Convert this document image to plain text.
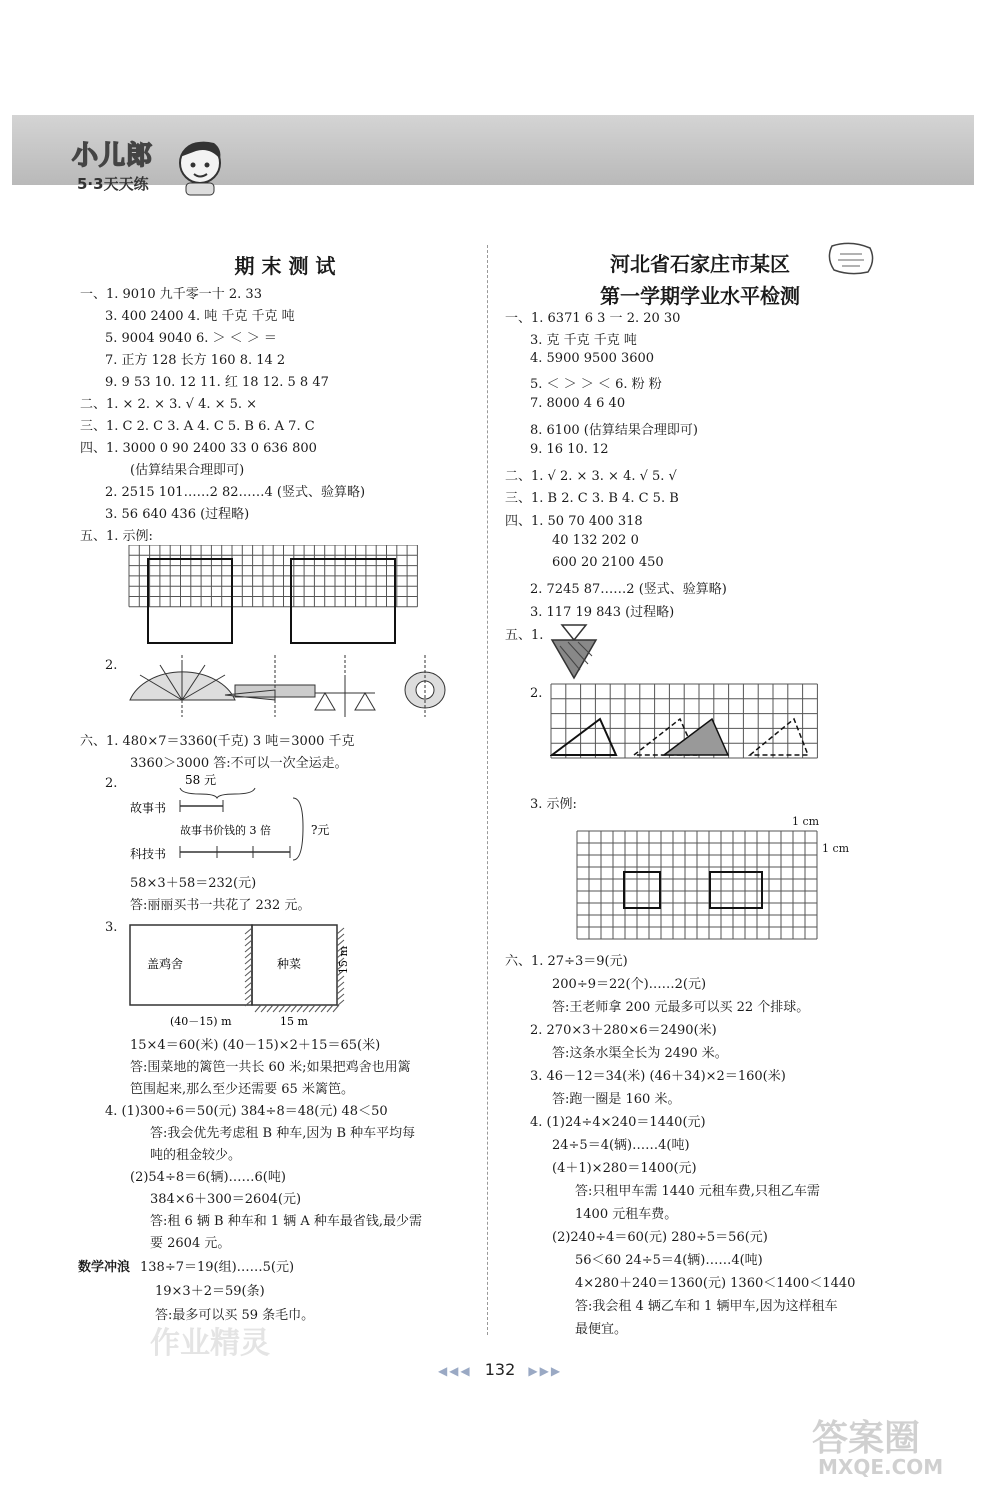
小儿郎
5·3天天练
期 末 测 试
一、1. 9010 九千零一十 2. 33
3. 400 2400 4. 吨 千克 千克 吨
5. 9004 9040 6. ＞ ＜ ＞ ＝
7. 正方 128 长方 160 8. 14 2
9. 9 53 10. 12 11. 红 18 12. 5 8 47
二、1. × 2. × 3. √ 4. × 5. ×
三、1. C 2. C 3. A 4. C 5. B 6. A 7. C
四、1. 3000 0 90 2400 33 0 636 800
(估算结果合理即可)
2. 2515 101……2 82……4 (竖式、验算略)
3. 56 640 436 (过程略)
五、1. 示例:
2.
六、1. 480×7＝3360(千克) 3 吨＝3000 千克
3360＞3000 答:不可以一次全运走。
2.	58 元
故事书
故事书价钱的 3 倍
科技书
?元
58×3＋58＝232(元)
答:丽丽买书一共花了 232 元。
3.
盖鸡舍	种菜	15 m
(40－15) m	15 m
15×4＝60(米) (40－15)×2＋15＝65(米)
答:围菜地的篱笆一共长 60 米;如果把鸡舍也用篱
笆围起来,那么至少还需要 65 米篱笆。
4. (1)300÷6＝50(元) 384÷8＝48(元) 48＜50
答:我会优先考虑租 B 种车,因为 B 种车平均每
吨的租金较少。
(2)54÷8＝6(辆)……6(吨)
384×6＋300＝2604(元)
答:租 6 辆 B 种车和 1 辆 A 种车最省钱,最少需
要 2604 元。
数学冲浪 138÷7＝19(组)……5(元)
19×3＋2＝59(条)
答:最多可以买 59 条毛巾。
作业精灵
河北省石家庄市某区
第一学期学业水平检测
一、1. 6371 6 3 一 2. 20 30
3. 克 千克 千克 吨
4. 5900 9500 3600
5. ＜ ＞ ＞ ＜ 6. 粉 粉
7. 8000 4 6 40
8. 6100 (估算结果合理即可)
9. 16 10. 12
二、1. √ 2. × 3. × 4. √ 5. √
三、1. B 2. C 3. B 4. C 5. B
四、1. 50 70 400 318
40 132 202 0
600 20 2100 450
2. 7245 87……2 (竖式、验算略)
3. 117 19 843 (过程略)
五、1.
2.
3. 示例:
1 cm
1 cm
六、1. 27÷3＝9(元)
200÷9＝22(个)……2(元)
答:王老师拿 200 元最多可以买 22 个排球。
2. 270×3＋280×6＝2490(米)
答:这条水渠全长为 2490 米。
3. 46－12＝34(米) (46＋34)×2＝160(米)
答:跑一圈是 160 米。
4. (1)24÷4×240＝1440(元)
24÷5＝4(辆)……4(吨)
(4＋1)×280＝1400(元)
答:只租甲车需 1440 元租车费,只租乙车需
1400 元租车费。
(2)240÷4＝60(元) 280÷5＝56(元)
56＜60 24÷5＝4(辆)……4(吨)
4×280＋240＝1360(元) 1360＜1400＜1440
答:我会租 4 辆乙车和 1 辆甲车,因为这样租车
最便宜。
◀◀◀ 132 ▶▶▶
答案圈
MXQE.COM
